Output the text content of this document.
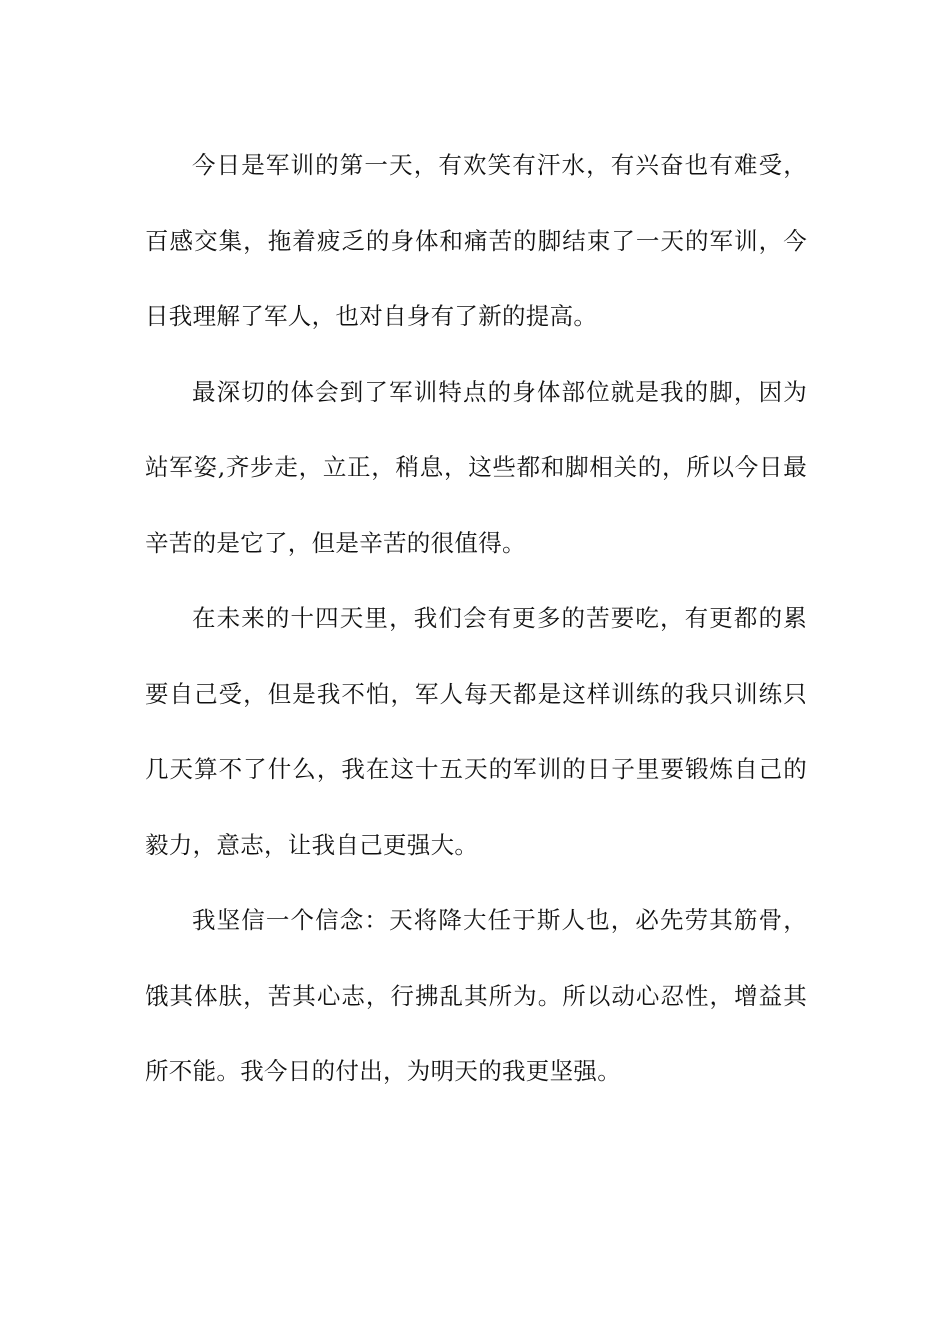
今日是军训的第一天，有欢笑有汗水，有兴奋也有难受，百感交集，拖着疲乏的身体和痛苦的脚结束了一天的军训，今日我理解了军人，也对自身有了新的提高。

最深切的体会到了军训特点的身体部位就是我的脚，因为站军姿,齐步走，立正，稍息，这些都和脚相关的，所以今日最辛苦的是它了，但是辛苦的很值得。

在未来的十四天里，我们会有更多的苦要吃，有更都的累要自己受，但是我不怕，军人每天都是这样训练的我只训练只几天算不了什么，我在这十五天的军训的日子里要锻炼自己的毅力，意志，让我自己更强大。

我坚信一个信念：天将降大任于斯人也，必先劳其筋骨，饿其体肤，苦其心志，行拂乱其所为。所以动心忍性，增益其所不能。我今日的付出，为明天的我更坚强。
